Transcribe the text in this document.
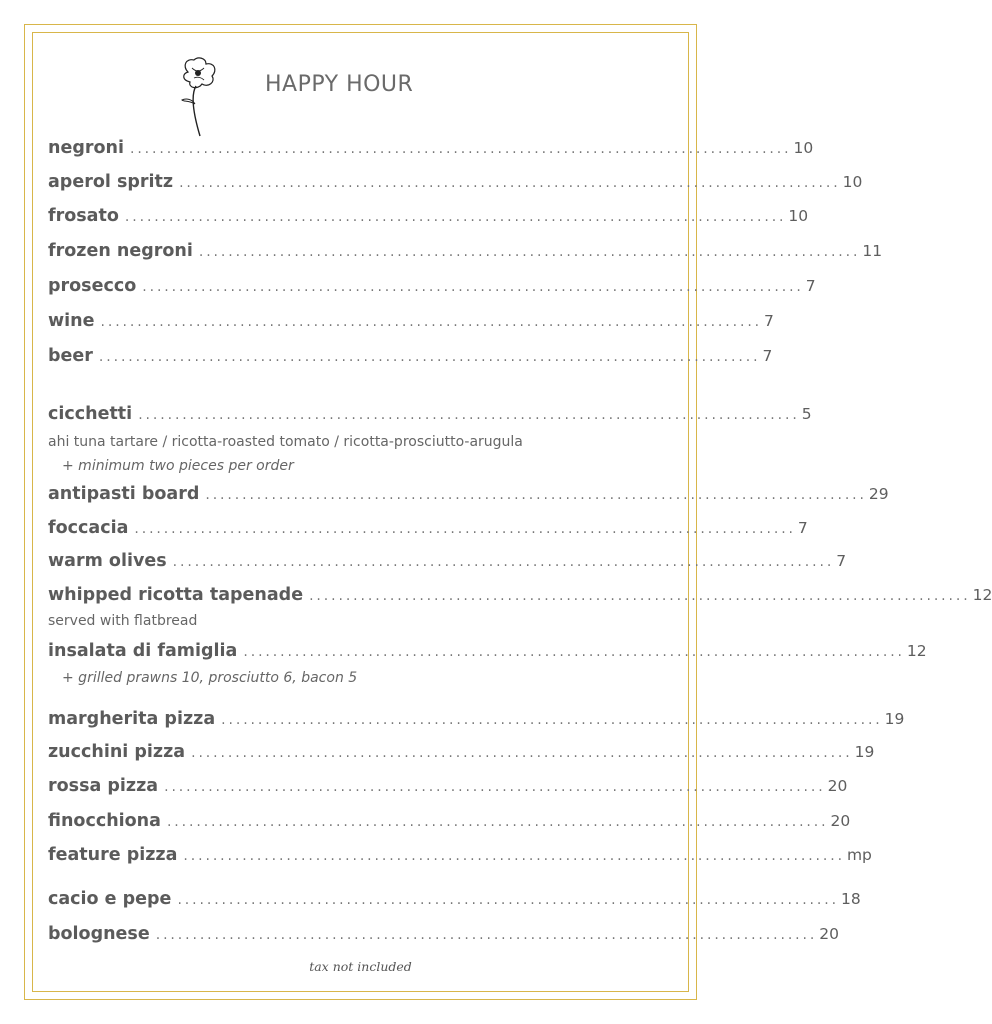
HAPPY HOUR
negroni .......................................................................................... 10
aperol spritz .......................................................................................... 10
frosato .......................................................................................... 10
frozen negroni .......................................................................................... 11
prosecco .......................................................................................... 7
wine .......................................................................................... 7
beer .......................................................................................... 7
cicchetti .......................................................................................... 5
ahi tuna tartare / ricotta-roasted tomato / ricotta-prosciutto-arugula
+ minimum two pieces per order
antipasti board .......................................................................................... 29
foccacia .......................................................................................... 7
warm olives .......................................................................................... 7
whipped ricotta tapenade .......................................................................................... 12
served with flatbread
insalata di famiglia .......................................................................................... 12
+ grilled prawns 10, prosciutto 6, bacon 5
margherita pizza .......................................................................................... 19
zucchini pizza .......................................................................................... 19
rossa pizza .......................................................................................... 20
finocchiona .......................................................................................... 20
feature pizza .......................................................................................... mp
cacio e pepe .......................................................................................... 18
bolognese .......................................................................................... 20
tax not included
